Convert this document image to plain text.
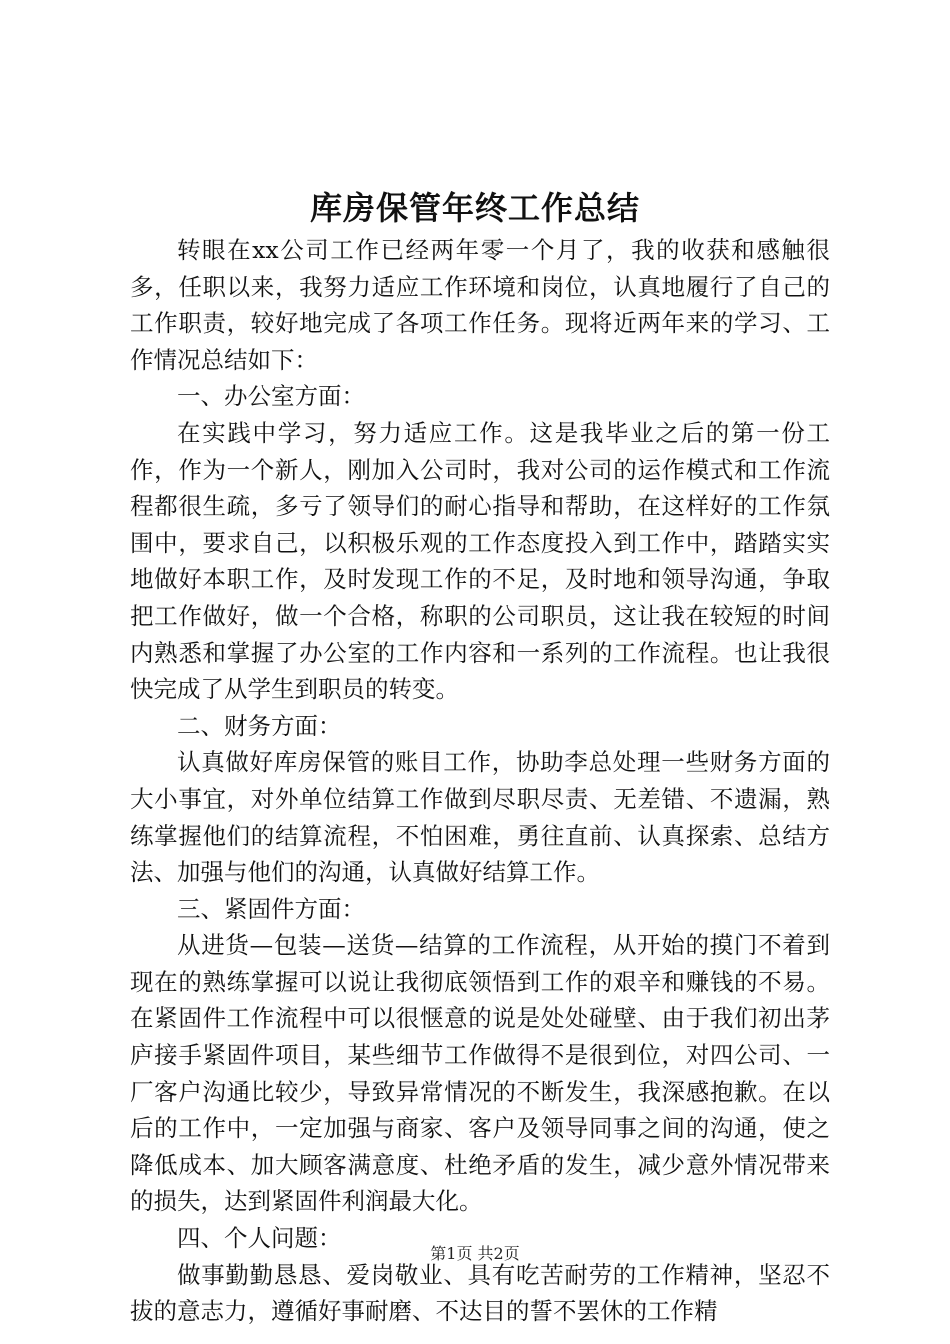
库房保管年终工作总结

转眼在xx公司工作已经两年零一个月了，我的收获和感触很多，任职以来，我努力适应工作环境和岗位，认真地履行了自己的工作职责，较好地完成了各项工作任务。现将近两年来的学习、工作情况总结如下：

一、办公室方面：

在实践中学习，努力适应工作。这是我毕业之后的第一份工作，作为一个新人，刚加入公司时，我对公司的运作模式和工作流程都很生疏，多亏了领导们的耐心指导和帮助，在这样好的工作氛围中，要求自己，以积极乐观的工作态度投入到工作中，踏踏实实地做好本职工作，及时发现工作的不足，及时地和领导沟通，争取把工作做好，做一个合格，称职的公司职员，这让我在较短的时间内熟悉和掌握了办公室的工作内容和一系列的工作流程。也让我很快完成了从学生到职员的转变。

二、财务方面：

认真做好库房保管的账目工作，协助李总处理一些财务方面的大小事宜，对外单位结算工作做到尽职尽责、无差错、不遗漏，熟练掌握他们的结算流程，不怕困难，勇往直前、认真探索、总结方法、加强与他们的沟通，认真做好结算工作。

三、紧固件方面：

从进货—包装—送货—结算的工作流程，从开始的摸门不着到现在的熟练掌握可以说让我彻底领悟到工作的艰辛和赚钱的不易。在紧固件工作流程中可以很惬意的说是处处碰壁、由于我们初出茅庐接手紧固件项目，某些细节工作做得不是很到位，对四公司、一厂客户沟通比较少，导致异常情况的不断发生，我深感抱歉。在以后的工作中，一定加强与商家、客户及领导同事之间的沟通，使之降低成本、加大顾客满意度、杜绝矛盾的发生，减少意外情况带来的损失，达到紧固件利润最大化。

四、个人问题：

做事勤勤恳恳、爱岗敬业、具有吃苦耐劳的工作精神，坚忍不拔的意志力，遵循好事耐磨、不达目的誓不罢休的工作精

第1页 共2页
